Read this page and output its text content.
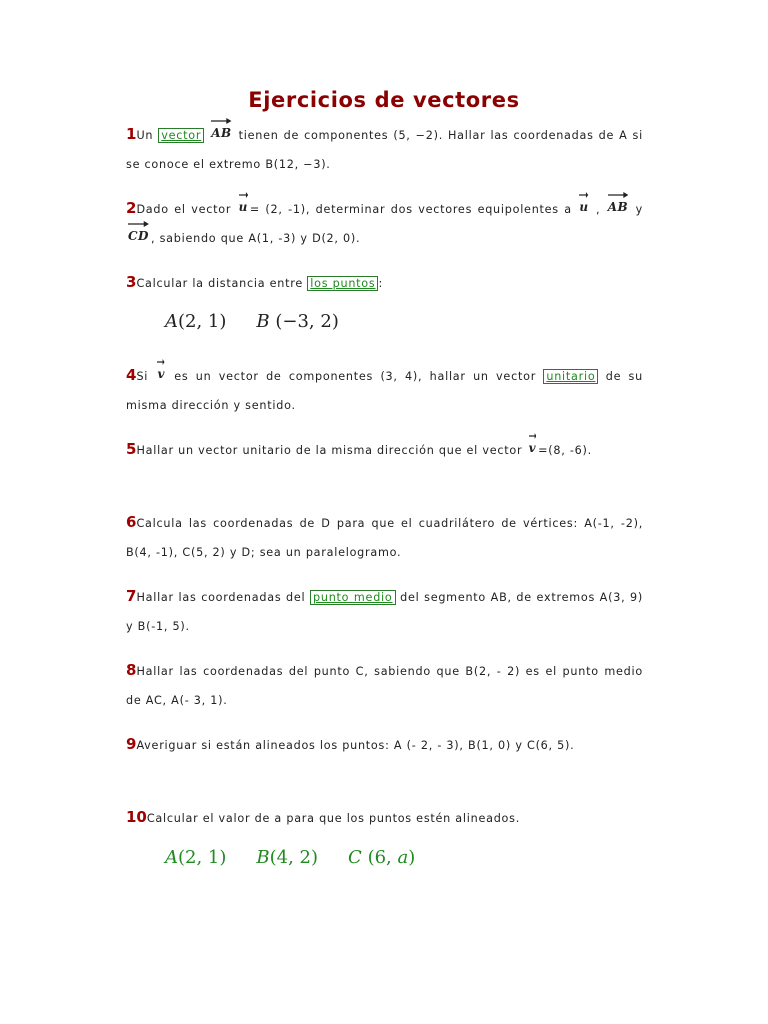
Ejercicios de vectores
1Un vector AB tienen de componentes (5, −2). Hallar las coordenadas de A si se conoce el extremo B(12, −3).
2Dado el vector
u = (2, -1), determinar dos vectores equipolentes a
u ,
AB y
CD , sabiendo que A(1, -3) y D(2, 0).
3Calcular la distancia entre los puntos :
A(2, 1) B (−3, 2)
4Si
v es un vector de componentes (3, 4), hallar un vector unitario de su misma dirección y sentido.
5Hallar un vector unitario de la misma dirección que el vector
v =(8, -6).
6Calcula las coordenadas de D para que el cuadrilátero de vértices: A(-1, -2), B(4, -1), C(5, 2) y D; sea un paralelogramo.
7Hallar las coordenadas del punto medio del segmento AB, de extremos A(3, 9) y B(-1, 5).
8Hallar las coordenadas del punto C, sabiendo que B(2, - 2) es el punto medio de AC, A(- 3, 1).
9Averiguar si están alineados los puntos: A (- 2, - 3), B(1, 0) y C(6, 5).
10Calcular el valor de a para que los puntos estén alineados.
A(2, 1) B(4, 2) C (6, a)
